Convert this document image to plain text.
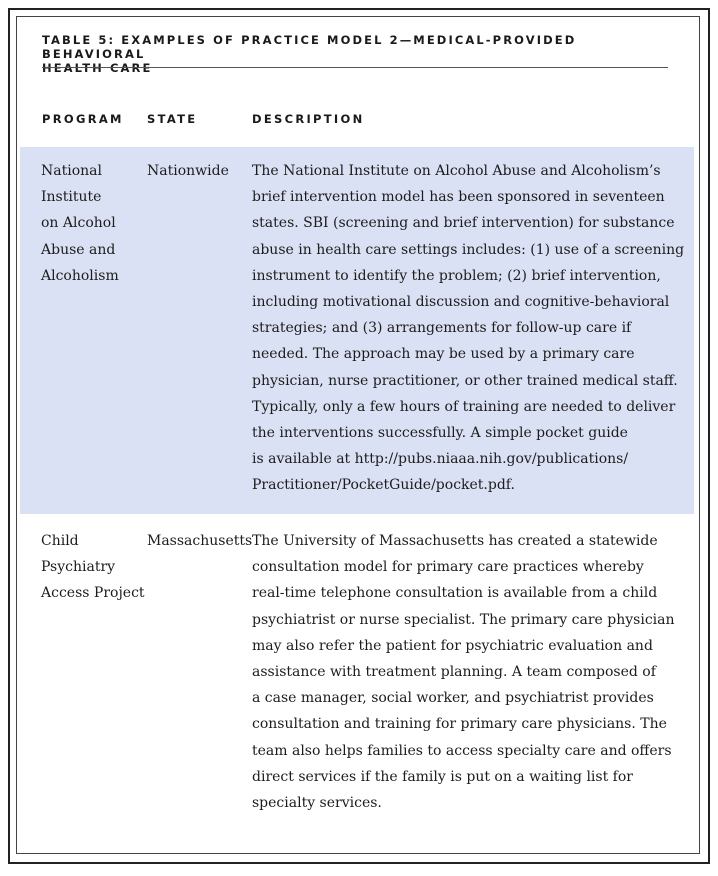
TABLE 5: EXAMPLES OF PRACTICE MODEL 2—MEDICAL-PROVIDED BEHAVIORAL
HEALTH CARE
PROGRAM STATE	DESCRIPTION
National
Institute
on Alcohol
Abuse and
Alcoholism
Nationwide The National Institute on Alcohol Abuse and Alcoholism’s
brief intervention model has been sponsored in seventeen
states. SBI (screening and brief intervention) for substance
abuse in health care settings includes: (1) use of a screening
instrument to identify the problem; (2) brief intervention,
including motivational discussion and cognitive-behavioral
strategies; and (3) arrangements for follow-up care if
needed. The approach may be used by a primary care
physician, nurse practitioner, or other trained medical staff.
Typically, only a few hours of training are needed to deliver
the interventions successfully. A simple pocket guide
is available at http://pubs.niaaa.nih.gov/publications/
Practitioner/PocketGuide/pocket.pdf.
Child
Psychiatry
Access Project
Massachusetts The University of Massachusetts has created a statewide
consultation model for primary care practices whereby
real-time telephone consultation is available from a child
psychiatrist or nurse specialist. The primary care physician
may also refer the patient for psychiatric evaluation and
assistance with treatment planning. A team composed of
a case manager, social worker, and psychiatrist provides
consultation and training for primary care physicians. The
team also helps families to access specialty care and offers
direct services if the family is put on a waiting list for
specialty services.
